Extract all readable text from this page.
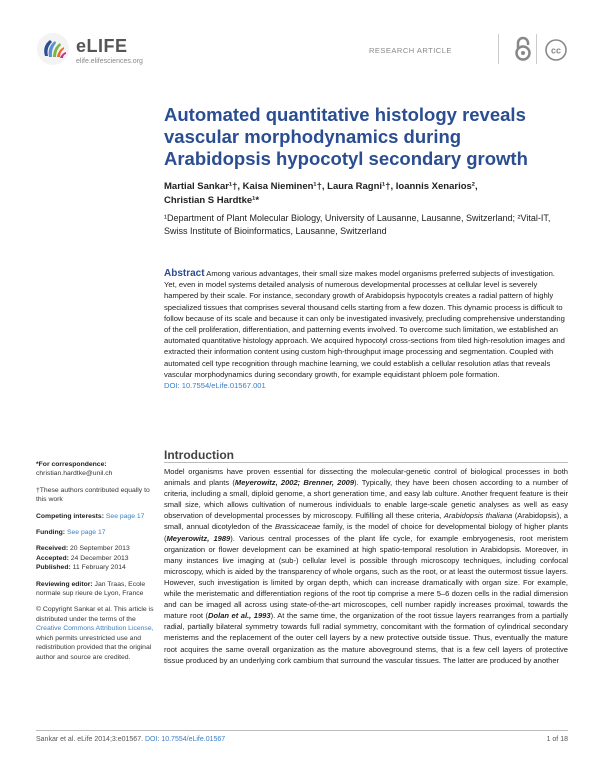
eLIFE
elife.elifesciences.org
RESEARCH ARTICLE	cc
Automated quantitative histology reveals vascular morphodynamics during Arabidopsis hypocotyl secondary growth
Martial Sankar¹†, Kaisa Nieminen¹†, Laura Ragni¹†, Ioannis Xenarios²,
Christian S Hardtke¹*
¹Department of Plant Molecular Biology, University of Lausanne, Lausanne, Switzerland; ²Vital-IT, Swiss Institute of Bioinformatics, Lausanne, Switzerland
Abstract Among various advantages, their small size makes model organisms preferred subjects of investigation. Yet, even in model systems detailed analysis of numerous developmental processes at cellular level is severely hampered by their scale. For instance, secondary growth of Arabidopsis hypocotyls creates a radial pattern of highly specialized tissues that comprises several thousand cells starting from a few dozen. This dynamic process is difficult to follow because of its scale and because it can only be investigated invasively, precluding comprehensive understanding of the cell proliferation, differentiation, and patterning events involved. To overcome such limitation, we established an automated quantitative histology approach. We acquired hypocotyl cross-sections from tiled high-resolution images and extracted their information content using custom high-throughput image processing and segmentation. Coupled with automated cell type recognition through machine learning, we could establish a cellular resolution atlas that reveals vascular morphodynamics during secondary growth, for example equidistant phloem pole formation.
DOI: 10.7554/eLife.01567.001

*For correspondence: christian.hardtke@unil.ch

†These authors contributed equally to this work

Competing interests: See page 17

Funding: See page 17

Received: 20 September 2013
Accepted: 24 December 2013
Published: 11 February 2014

Reviewing editor: Jan Traas, Ecole normale sup rieure de Lyon, France

© Copyright Sankar et al. This article is distributed under the terms of the Creative Commons Attribution License, which permits unrestricted use and redistribution provided that the original author and source are credited.

Introduction
Model organisms have proven essential for dissecting the molecular-genetic control of biological processes in both animals and plants (Meyerowitz, 2002; Brenner, 2009). Typically, they have been chosen according to a number of criteria, including a small, diploid genome, a short generation time, and easy lab culture. Another frequent feature is their small size, which allows cultivation of numerous individuals to enable large-scale genetic analyses as well as easy observation of developmental processes by microscopy. Fulfilling all these criteria, Arabidopsis thaliana (Arabidopsis), a small, annual dicotyledon of the Brassicaceae family, is the model of choice for developmental biology of higher plants (Meyerowitz, 1989). Various central processes of the plant life cycle, for example embryogenesis, root meristem organization or flower development can be examined at high spatio-temporal resolution in Arabidopsis. Moreover, in many instances live imaging at (sub-) cellular level is possible through microscopy techniques, including confocal microscopy, which is aided by the transparency of whole organs, such as the root, or at least the outermost tissue layers. However, such investigation is limited by organ depth, which can increase dramatically with organ size. For example, while the meristematic and differentiation regions of the root tip comprise a mere 5–6 dozen cells in the radial dimension and can be imaged all across using state-of-the-art microscopes, cell number rapidly increases proximal, towards the mature root (Dolan et al., 1993). At the same time, the organization of the root tissue layers rearranges from a partially radial, partially bilateral symmetry towards full radial symmetry, concomitant with the formation of cylindrical secondary meristems and the replacement of the outer cell layers by a new protective outside tissue. Thus, eventually the mature root acquires the same overall organization as the mature aboveground stems, that is a few cell layers of protective tissue produced by an underlying cork cambium that surround the vascular tissues. The latter are produced by another
Sankar et al. eLife 2014;3:e01567. DOI: 10.7554/eLife.01567	1 of 18
